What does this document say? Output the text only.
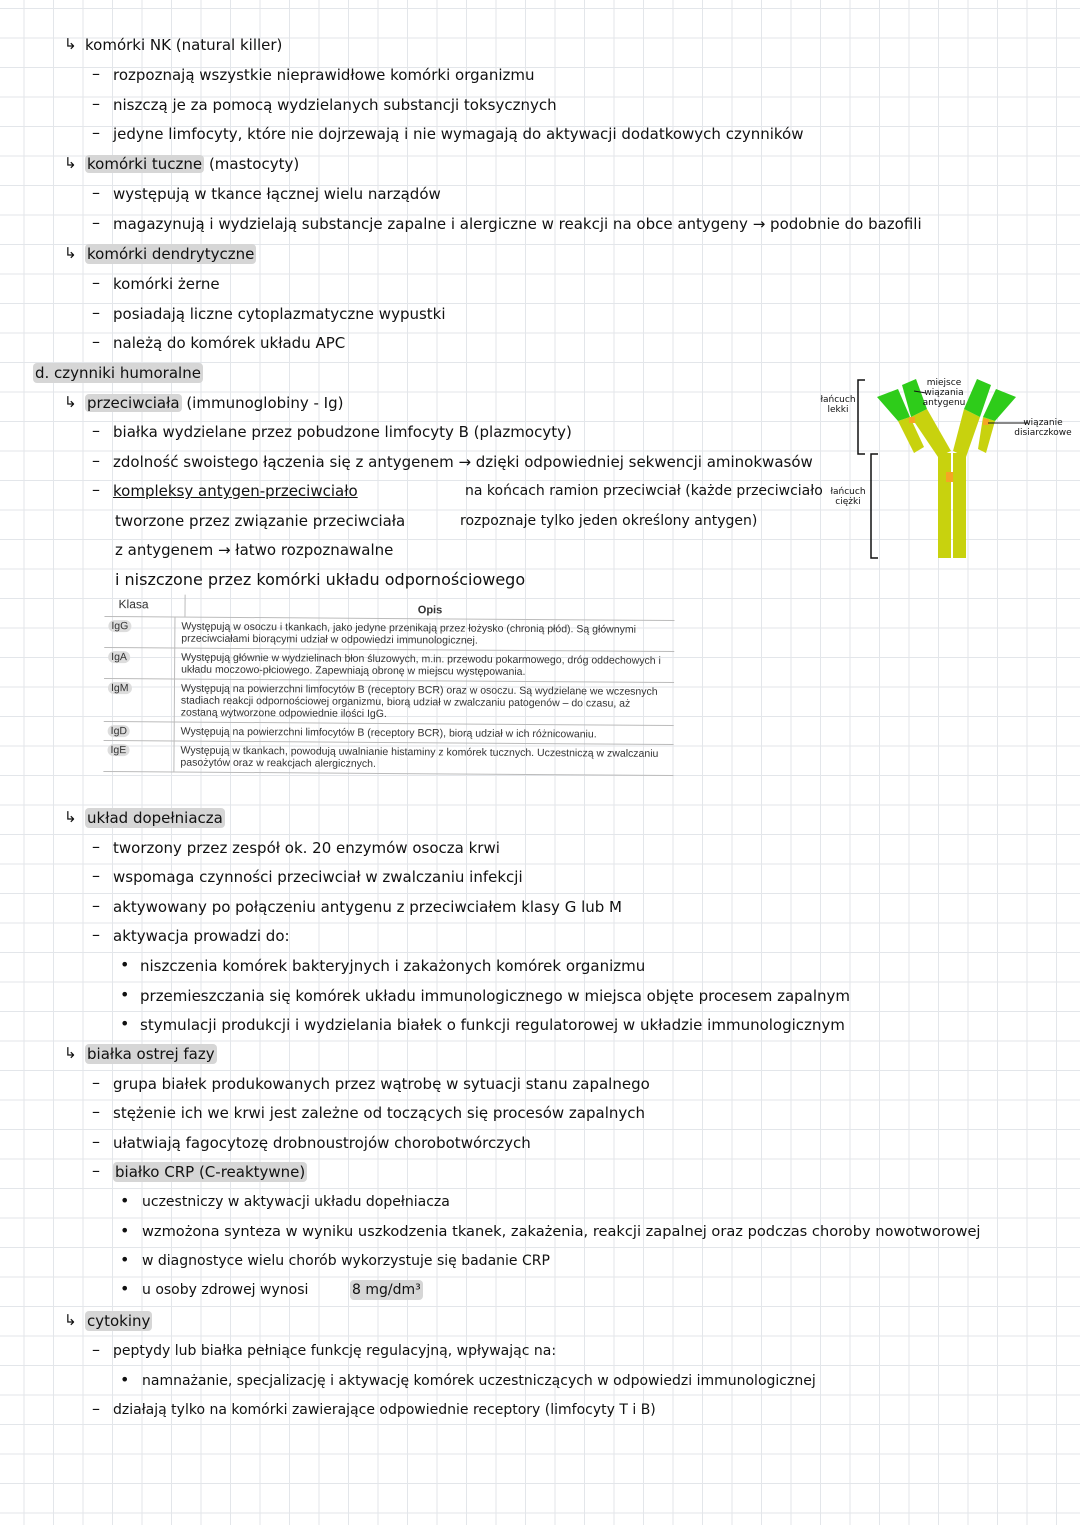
↳ komórki NK (natural killer)
– rozpoznają wszystkie nieprawidłowe komórki organizmu
– niszczą je za pomocą wydzielanych substancji toksycznych
– jedyne limfocyty, które nie dojrzewają i nie wymagają do aktywacji dodatkowych czynników
↳ komórki tuczne (mastocyty)
– występują w tkance łącznej wielu narządów
– magazynują i wydzielają substancje zapalne i alergiczne w reakcji na obce antygeny → podobnie do bazofili
↳ komórki dendrytyczne
– komórki żerne
– posiadają liczne cytoplazmatyczne wypustki
– należą do komórek układu APC
d. czynniki humoralne
↳ przeciwciała (immunoglobiny - Ig)
– białka wydzielane przez pobudzone limfocyty B (plazmocyty)
– zdolność swoistego łączenia się z antygenem → dzięki odpowiedniej sekwencji aminokwasów
– kompleksy antygen-przeciwciało
tworzone przez związanie przeciwciała
z antygenem → łatwo rozpoznawalne
i niszczone przez komórki układu odpornościowego
na końcach ramion przeciwciał (każde przeciwciało
rozpoznaje tylko jeden określony antygen)
łańcuch lekki
łańcuch ciężki
miejsce wiązania antygenu
wiązanie disiarczkowe
Klasa	Opis
IgG	Występują w osoczu i tkankach, jako jedyne przenikają przez łożysko (chronią płód). Są głównymi przeciwciałami biorącymi udział w odpowiedzi immunologicznej.
IgA	Występują głównie w wydzielinach błon śluzowych, m.in. przewodu pokarmowego, dróg oddechowych i układu moczowo-płciowego. Zapewniają obronę w miejscu występowania.
IgM	Występują na powierzchni limfocytów B (receptory BCR) oraz w osoczu. Są wydzielane we wczesnych stadiach reakcji odpornościowej organizmu, biorą udział w zwalczaniu patogenów – do czasu, aż zostaną wytworzone odpowiednie ilości IgG.
IgD	Występują na powierzchni limfocytów B (receptory BCR), biorą udział w ich różnicowaniu.
IgE	Występują w tkankach, powodują uwalnianie histaminy z komórek tucznych. Uczestniczą w zwalczaniu pasożytów oraz w reakcjach alergicznych.
↳ układ dopełniacza
– tworzony przez zespół ok. 20 enzymów osocza krwi
– wspomaga czynności przeciwciał w zwalczaniu infekcji
– aktywowany po połączeniu antygenu z przeciwciałem klasy G lub M
– aktywacja prowadzi do:
• niszczenia komórek bakteryjnych i zakażonych komórek organizmu
• przemieszczania się komórek układu immunologicznego w miejsca objęte procesem zapalnym
• stymulacji produkcji i wydzielania białek o funkcji regulatorowej w układzie immunologicznym
↳ białka ostrej fazy
– grupa białek produkowanych przez wątrobę w sytuacji stanu zapalnego
– stężenie ich we krwi jest zależne od toczących się procesów zapalnych
– ułatwiają fagocytozę drobnoustrojów chorobotwórczych
– białko CRP (C-reaktywne)
• uczestniczy w aktywacji układu dopełniacza
• wzmożona synteza w wyniku uszkodzenia tkanek, zakażenia, reakcji zapalnej oraz podczas choroby nowotworowej
• w diagnostyce wielu chorób wykorzystuje się badanie CRP
• u osoby zdrowej wynosi	8 mg/dm³
↳ cytokiny
– peptydy lub białka pełniące funkcję regulacyjną, wpływając na:
• namnażanie, specjalizację i aktywację komórek uczestniczących w odpowiedzi immunologicznej
– działają tylko na komórki zawierające odpowiednie receptory (limfocyty T i B)
